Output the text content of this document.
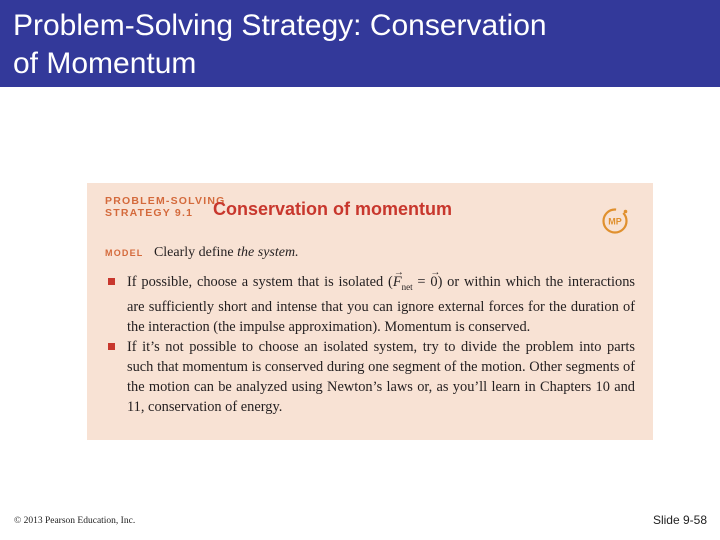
Problem-Solving Strategy: Conservation
of Momentum
PROBLEM-SOLVING
STRATEGY 9.1	Conservation of momentum
MP
MODEL Clearly define the system.
If possible, choose a system that is isolated (
→
$F_{net}$ =
→
0) or within which the interactions are sufficiently short and intense that you can ignore external forces for the duration of the interaction (the impulse approximation). Momentum is conserved.
If it’s not possible to choose an isolated system, try to divide the problem into parts such that momentum is conserved during one segment of the motion. Other segments of the motion can be analyzed using Newton’s laws or, as you’ll learn in Chapters 10 and 11, conservation of energy.
© 2013 Pearson Education, Inc.	Slide 9-58
